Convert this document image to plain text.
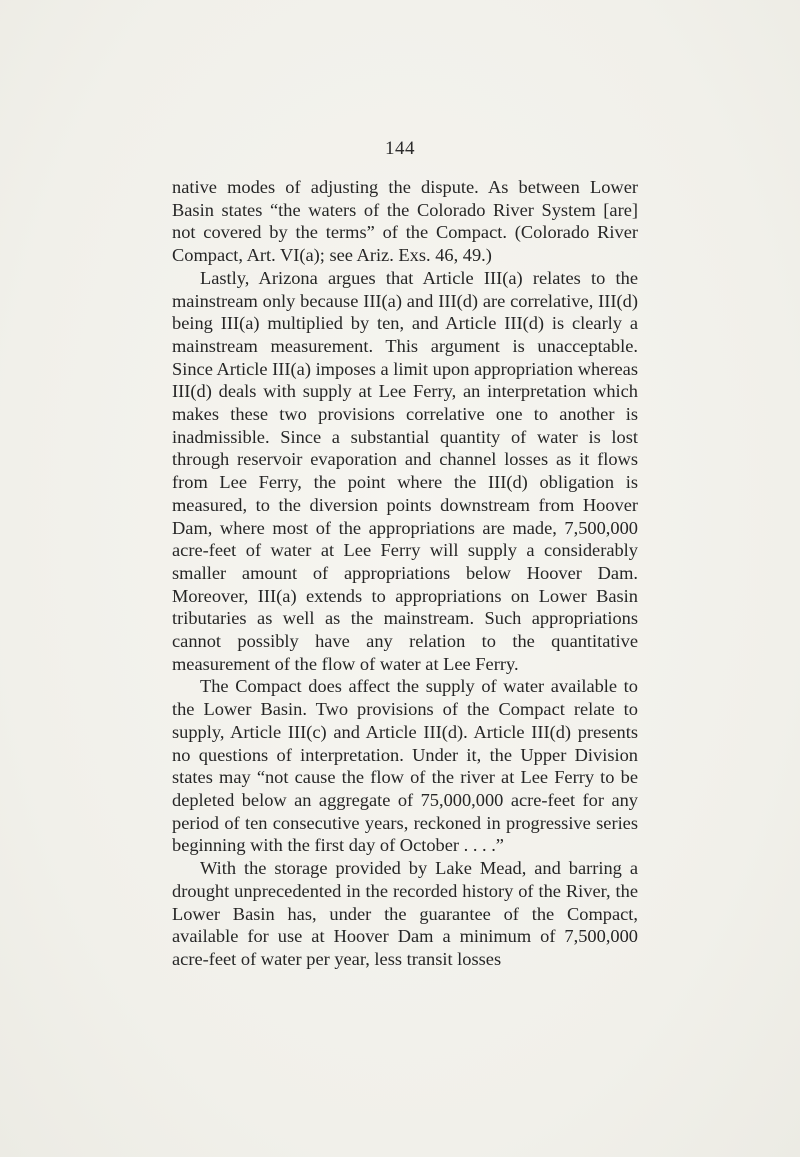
144

native modes of adjusting the dispute. As between Lower Basin states “the waters of the Colorado River System [are] not covered by the terms” of the Compact. (Colorado River Compact, Art. VI(a); see Ariz. Exs. 46, 49.)

Lastly, Arizona argues that Article III(a) relates to the mainstream only because III(a) and III(d) are correlative, III(d) being III(a) multiplied by ten, and Article III(d) is clearly a mainstream measurement. This argument is unacceptable. Since Article III(a) imposes a limit upon appropriation whereas III(d) deals with supply at Lee Ferry, an interpretation which makes these two provisions correlative one to another is inadmissible. Since a substantial quantity of water is lost through reservoir evaporation and channel losses as it flows from Lee Ferry, the point where the III(d) obligation is measured, to the diversion points downstream from Hoover Dam, where most of the appropriations are made, 7,500,000 acre-feet of water at Lee Ferry will supply a considerably smaller amount of appropriations below Hoover Dam. Moreover, III(a) extends to appropriations on Lower Basin tributaries as well as the mainstream. Such appropriations cannot possibly have any relation to the quantitative measurement of the flow of water at Lee Ferry.

The Compact does affect the supply of water available to the Lower Basin. Two provisions of the Compact relate to supply, Article III(c) and Article III(d). Article III(d) presents no questions of interpretation. Under it, the Upper Division states may “not cause the flow of the river at Lee Ferry to be depleted below an aggregate of 75,000,000 acre-feet for any period of ten consecutive years, reckoned in progressive series beginning with the first day of October . . . .”

With the storage provided by Lake Mead, and barring a drought unprecedented in the recorded history of the River, the Lower Basin has, under the guarantee of the Compact, available for use at Hoover Dam a minimum of 7,500,000 acre-feet of water per year, less transit losses
